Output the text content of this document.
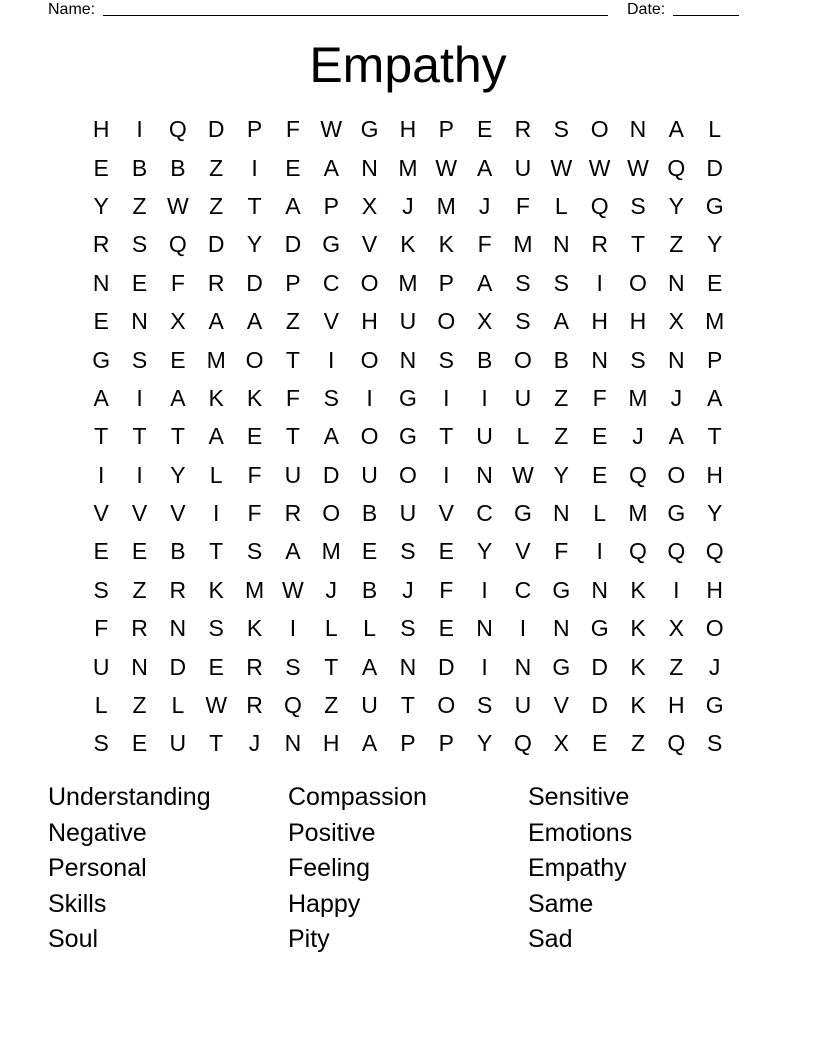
Name:	Date:
Empathy
H	I	Q D P	F W G H P	E R S O N A	L
E	B	B	Z	I	E	A N M W A U W W W Q D
Y	Z W Z	T	A	P	X	J	M	J	F	L	Q S	Y G
R S Q D Y D G V	K	K	F M N R	T	Z	Y
N E	F	R D P C O M P	A	S	S	I	O N E
E N X	A	A	Z	V H U O X	S	A H H X M
G S	E M O T	I	O N S	B O B N S N P
A	I	A	K	K	F	S	I	G	I	I	U	Z	F M	J	A
T	T	T	A	E	T	A O G T	U	L	Z	E	J	A	T
I	I	Y	L	F	U D U O	I	N W Y	E Q O H
V	V	V	I	F	R O B U V C G N	L M G Y
E	E	B	T	S	A M E	S	E	Y	V	F	I	Q Q Q
S	Z	R K M W J	B	J	F	I	C G N K	I	H
F	R N S	K	I	L	L	S	E N	I	N G K	X O
U N D E R S	T	A N D	I	N G D K	Z	J
L	Z	L W R Q Z	U	T O S U V D K H G
S	E U	T	J	N H A	P	P	Y Q X	E	Z Q S
Understanding
Negative
Personal
Skills
Soul
Compassion
Positive
Feeling
Happy
Pity
Sensitive
Emotions
Empathy
Same
Sad
